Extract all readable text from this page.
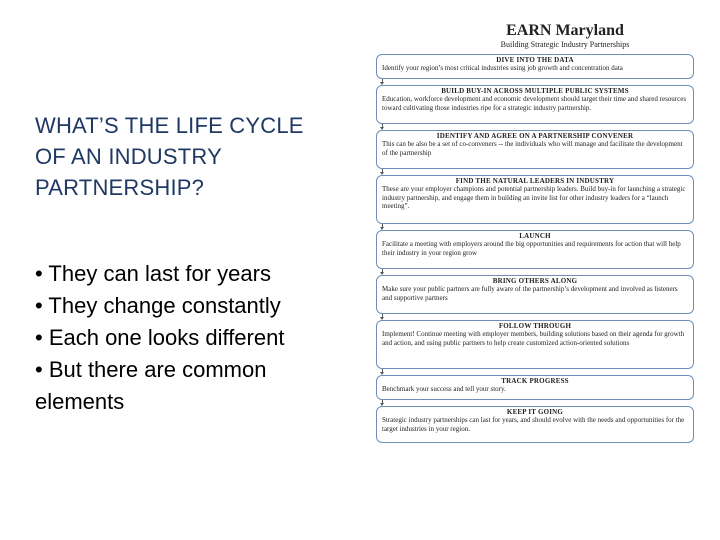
WHAT’S THE LIFE CYCLE OF AN INDUSTRY PARTNERSHIP?
• They can last for years
• They change constantly
• Each one looks different
• But there are common elements
EARN Maryland
Building Strategic Industry Partnerships
DIVE INTO THE DATA
Identify your region’s most critical industries using job growth and concentration data
BUILD BUY-IN ACROSS MULTIPLE PUBLIC SYSTEMS
Education, workforce development and economic development should target their time and shared resources toward cultivating those industries ripe for a strategic industry partnership.
IDENTIFY AND AGREE ON A PARTNERSHIP CONVENER
This can be also be a set of co-conveners -- the individuals who will manage and facilitate the development of the partnership
FIND THE NATURAL LEADERS IN INDUSTRY
These are your employer champions and potential partnership leaders. Build buy-in for launching a strategic industry partnership, and engage them in building an invite list for other industry leaders for a “launch meeting”.
LAUNCH
Facilitate a meeting with employers around the big opportunities and requirements for action that will help their industry in your region grow
BRING OTHERS ALONG
Make sure your public partners are fully aware of the partnership’s development and involved as listeners and supportive partners
FOLLOW THROUGH
Implement! Continue meeting with employer members, building solutions based on their agenda for growth and action, and using public partners to help create customized action-oriented solutions
TRACK PROGRESS
Benchmark your success and tell your story.
KEEP IT GOING
Strategic industry partnerships can last for years, and should evolve with the needs and opportunities for the target industries in your region.
